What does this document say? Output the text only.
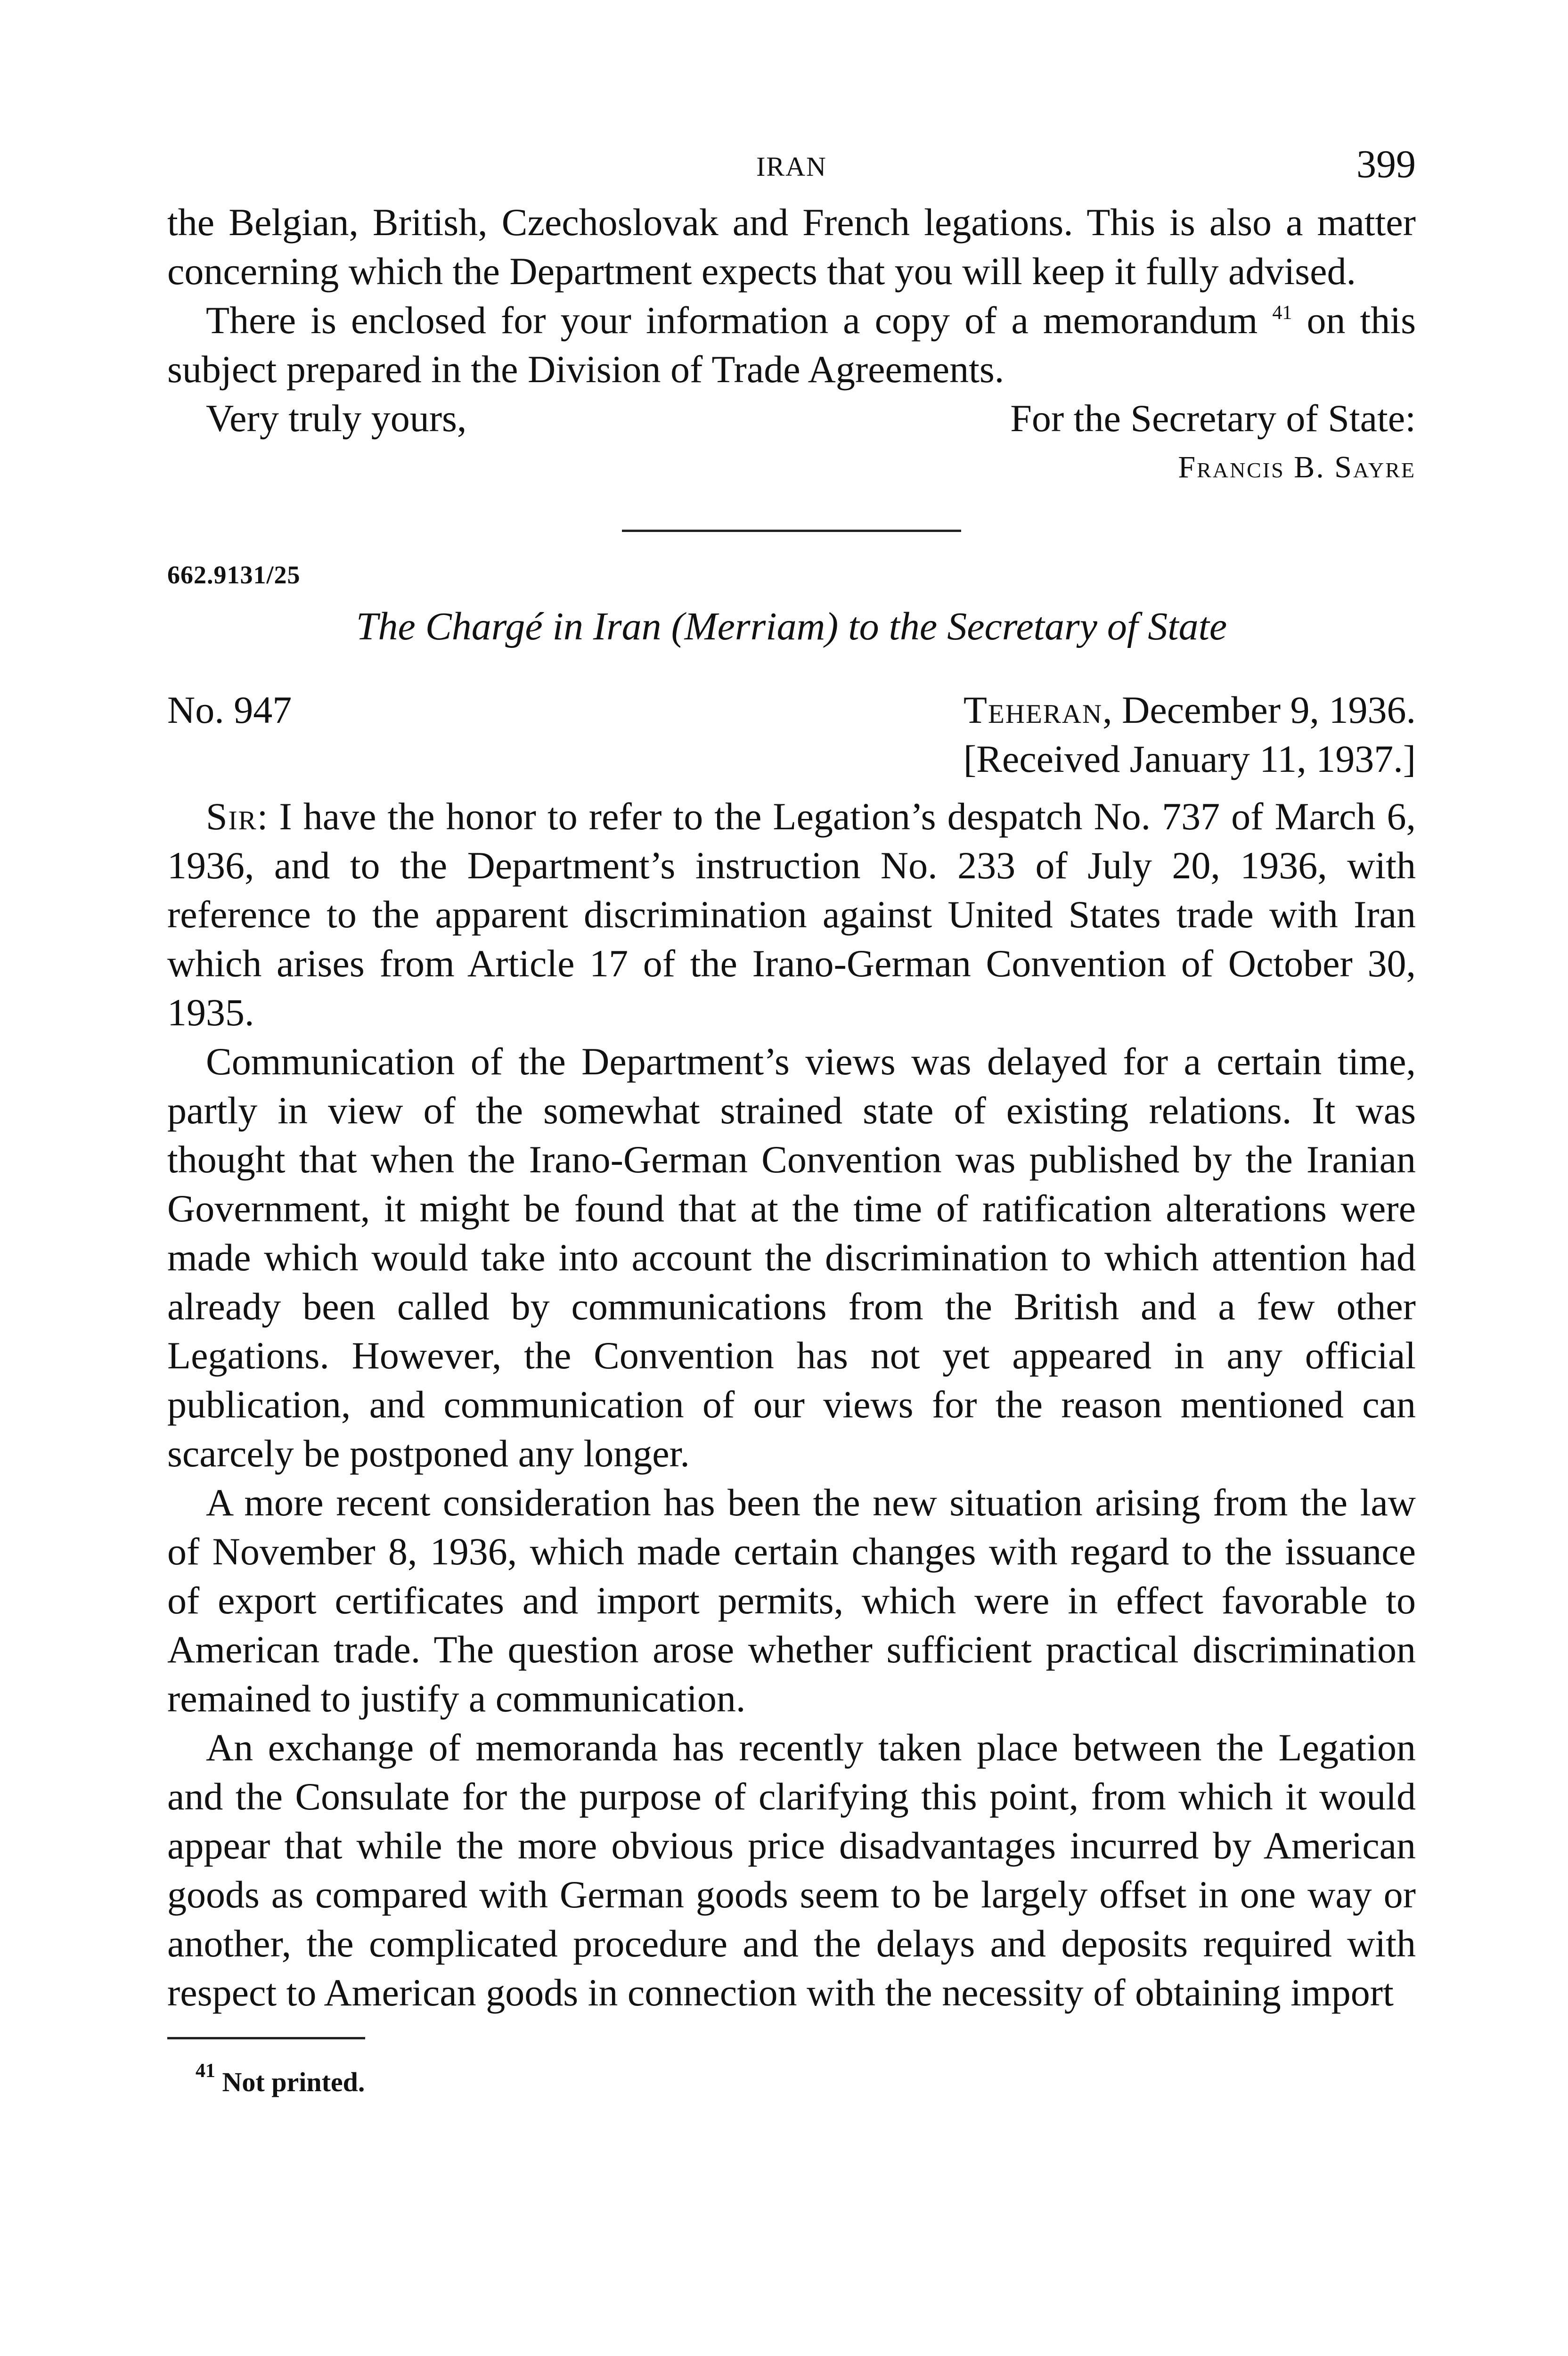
IRAN	399

the Belgian, British, Czechoslovak and French legations. This is also a matter concerning which the Department expects that you will keep it fully advised.

There is enclosed for your information a copy of a memorandum $^{41}$ on this subject prepared in the Division of Trade Agreements.

Very truly yours,	For the Secretary of State:
Francis B. Sayre
662.9131/25
The Chargé in Iran (Merriam) to the Secretary of State
No. 947	Teheran, December 9, 1936.
[Received January 11, 1937.]

Sir: I have the honor to refer to the Legation’s despatch No. 737 of March 6, 1936, and to the Department’s instruction No. 233 of July 20, 1936, with reference to the apparent discrimination against United States trade with Iran which arises from Article 17 of the Irano-German Convention of October 30, 1935.

Communication of the Department’s views was delayed for a certain time, partly in view of the somewhat strained state of existing relations. It was thought that when the Irano-German Convention was published by the Iranian Government, it might be found that at the time of ratification alterations were made which would take into account the discrimination to which attention had already been called by communications from the British and a few other Legations. However, the Convention has not yet appeared in any official publication, and communication of our views for the reason mentioned can scarcely be postponed any longer.

A more recent consideration has been the new situation arising from the law of November 8, 1936, which made certain changes with regard to the issuance of export certificates and import permits, which were in effect favorable to American trade. The question arose whether sufficient practical discrimination remained to justify a communication.

An exchange of memoranda has recently taken place between the Legation and the Consulate for the purpose of clarifying this point, from which it would appear that while the more obvious price disadvantages incurred by American goods as compared with German goods seem to be largely offset in one way or another, the complicated procedure and the delays and deposits required with respect to American goods in connection with the necessity of obtaining import

$^{41}$ Not printed.
